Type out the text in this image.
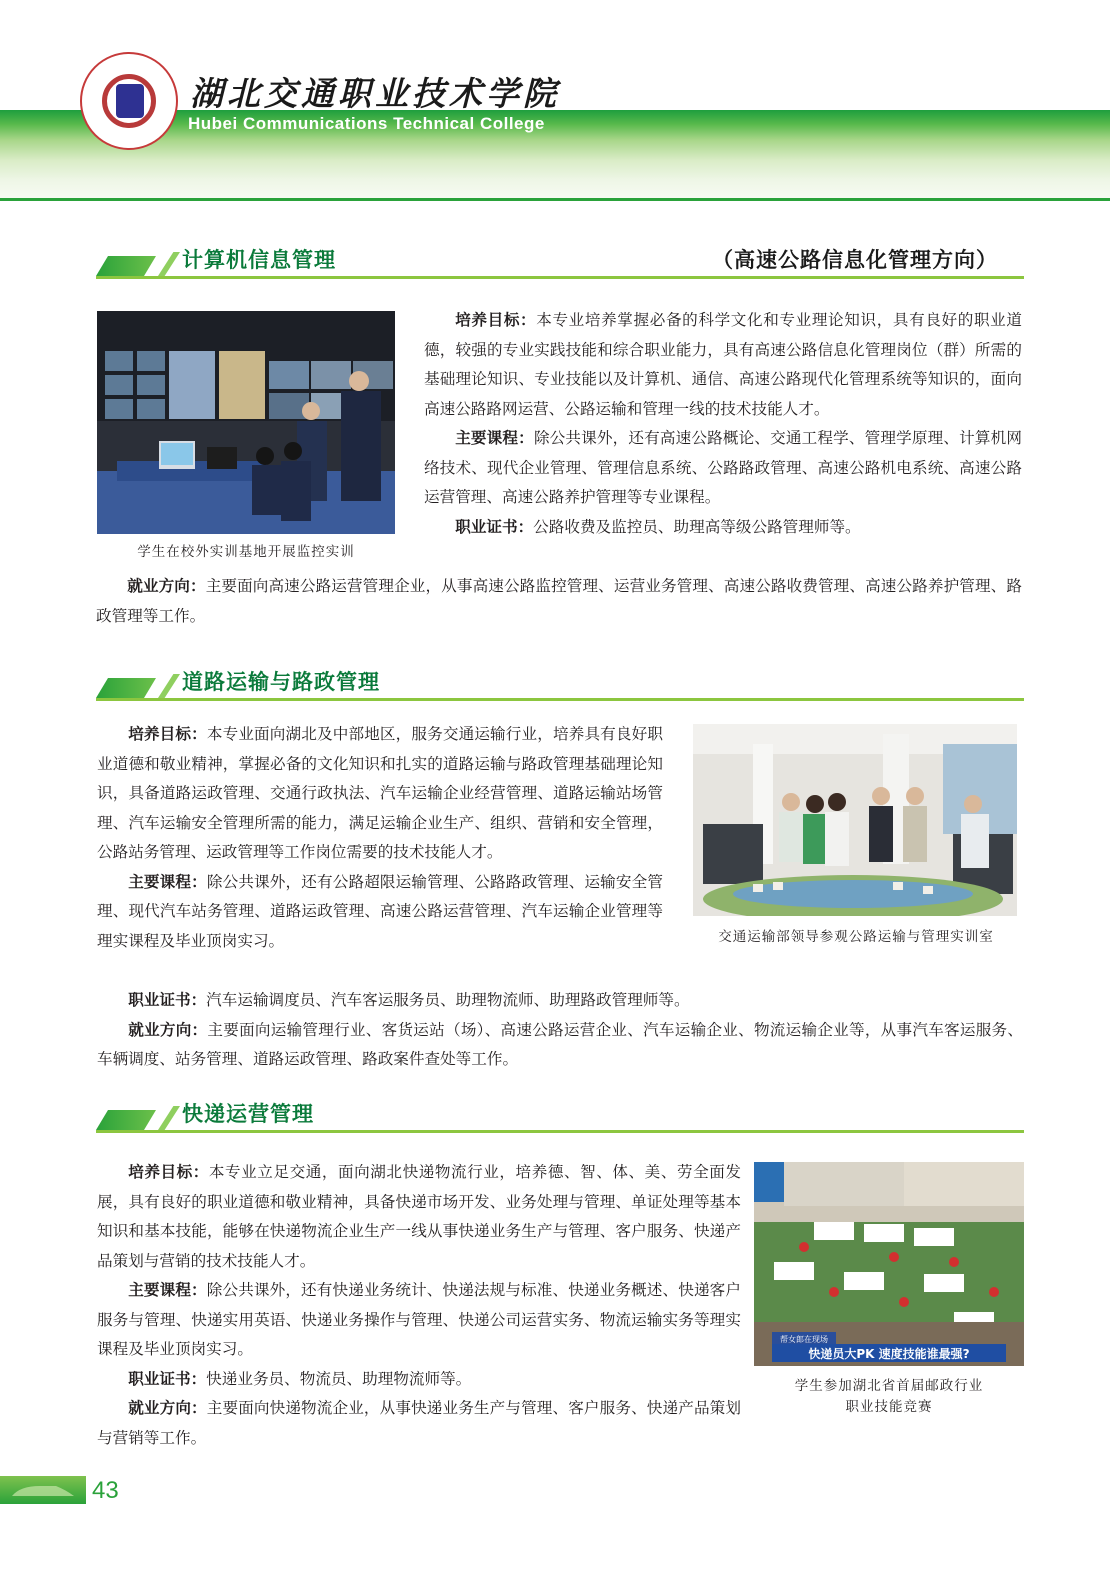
湖北交通职业技术学院
Hubei Communications Technical College
计算机信息管理	（高速公路信息化管理方向）
学生在校外实训基地开展监控实训

培养目标：本专业培养掌握必备的科学文化和专业理论知识，具有良好的职业道德，较强的专业实践技能和综合职业能力，具有高速公路信息化管理岗位（群）所需的基础理论知识、专业技能以及计算机、通信、高速公路现代化管理系统等知识的，面向高速公路路网运营、公路运输和管理一线的技术技能人才。

主要课程：除公共课外，还有高速公路概论、交通工程学、管理学原理、计算机网络技术、现代企业管理、管理信息系统、公路路政管理、高速公路机电系统、高速公路运营管理、高速公路养护管理等专业课程。

职业证书：公路收费及监控员、助理高等级公路管理师等。

就业方向：主要面向高速公路运营管理企业，从事高速公路监控管理、运营业务管理、高速公路收费管理、高速公路养护管理、路政管理等工作。

道路运输与路政管理

培养目标：本专业面向湖北及中部地区，服务交通运输行业，培养具有良好职业道德和敬业精神，掌握必备的文化知识和扎实的道路运输与路政管理基础理论知识，具备道路运政管理、交通行政执法、汽车运输企业经营管理、道路运输站场管理、汽车运输安全管理所需的能力，满足运输企业生产、组织、营销和安全管理，公路站务管理、运政管理等工作岗位需要的技术技能人才。

主要课程：除公共课外，还有公路超限运输管理、公路路政管理、运输安全管理、现代汽车站务管理、道路运政管理、高速公路运营管理、汽车运输企业管理等理实课程及毕业顶岗实习。	交通运输部领导参观公路运输与管理实训室

职业证书：汽车运输调度员、汽车客运服务员、助理物流师、助理路政管理师等。

就业方向：主要面向运输管理行业、客货运站（场）、高速公路运营企业、汽车运输企业、物流运输企业等，从事汽车客运服务、车辆调度、站务管理、道路运政管理、路政案件查处等工作。

快递运营管理

培养目标：本专业立足交通，面向湖北快递物流行业，培养德、智、体、美、劳全面发展，具有良好的职业道德和敬业精神，具备快递市场开发、业务处理与管理、单证处理等基本知识和基本技能，能够在快递物流企业生产一线从事快递业务生产与管理、客户服务、快递产品策划与营销的技术技能人才。

主要课程：除公共课外，还有快递业务统计、快递法规与标准、快递业务概述、快递客户服务与管理、快递实用英语、快递业务操作与管理、快递公司运营实务、物流运输实务等理实课程及毕业顶岗实习。

职业证书：快递业务员、物流员、助理物流师等。

就业方向：主要面向快递物流企业，从事快递业务生产与管理、客户服务、快递产品策划与营销等工作。

帮女郎在现场
快递员大PK 速度技能谁最强?
学生参加湖北省首届邮政行业
职业技能竞赛
43
